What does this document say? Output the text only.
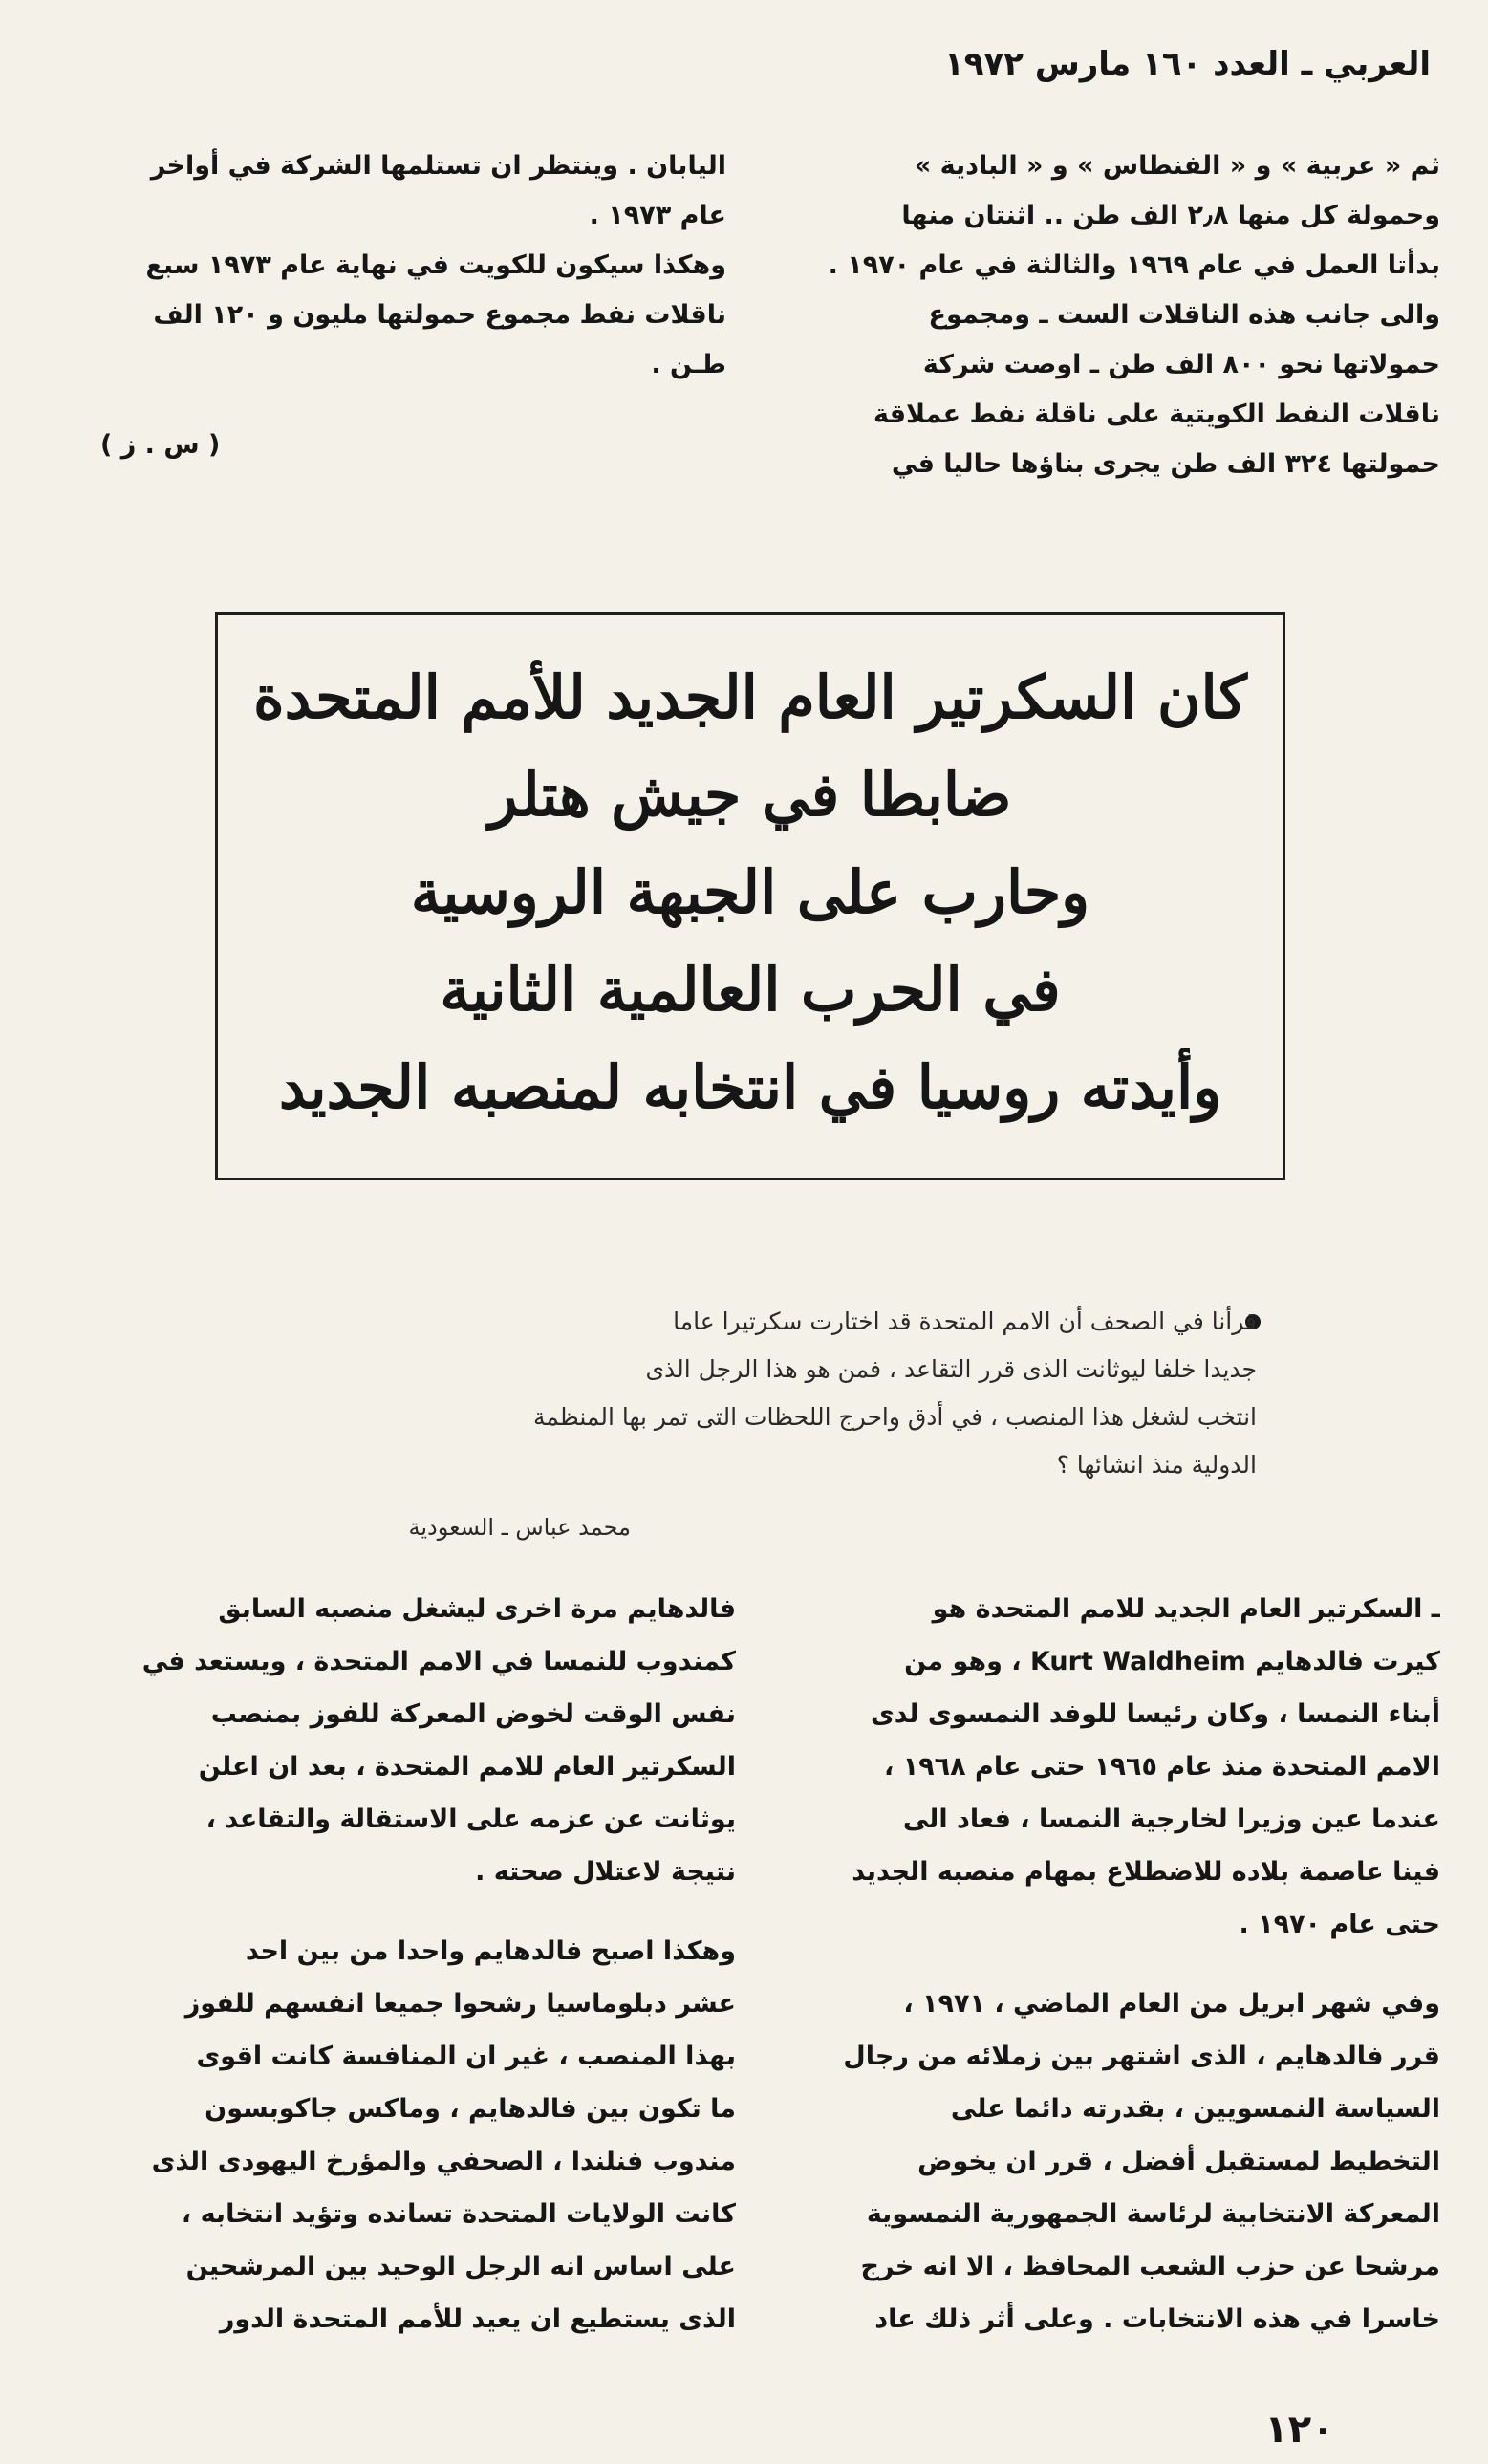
العربي ـ العدد ١٦٠ مارس ١٩٧٢
ثم « عربية » و « الفنطاس » و « البادية »
وحمولة كل منها ٢٫٨ الف طن .. اثنتان منها
بدأتا العمل في عام ١٩٦٩ والثالثة في عام ١٩٧٠ .
والى جانب هذه الناقلات الست ـ ومجموع
حمولاتها نحو ٨٠٠ الف طن ـ اوصت شركة
ناقلات النفط الكويتية على ناقلة نفط عملاقة
حمولتها ٣٢٤ الف طن يجرى بناؤها حاليا في
اليابان . وينتظر ان تستلمها الشركة في أواخر
عام ١٩٧٣ .
وهكذا سيكون للكويت في نهاية عام ١٩٧٣ سبع
ناقلات نفط مجموع حمولتها مليون و ١٢٠ الف
طـن .
( س . ز )
كان السكرتير العام الجديد للأمم المتحدة
ضابطا في جيش هتلر
وحارب على الجبهة الروسية
في الحرب العالمية الثانية
وأيدته روسيا في انتخابه لمنصبه الجديد
قرأنا في الصحف أن الامم المتحدة قد اختارت سكرتيرا عاما
جديدا خلفا ليوثانت الذى قرر التقاعد ، فمن هو هذا الرجل الذى
انتخب لشغل هذا المنصب ، في أدق واحرج اللحظات التى تمر بها المنظمة
الدولية منذ انشائها ؟
محمد عباس ـ السعودية
ـ السكرتير العام الجديد للامم المتحدة هو
كيرت فالدهايم Kurt Waldheim ، وهو من
أبناء النمسا ، وكان رئيسا للوفد النمسوى لدى
الامم المتحدة منذ عام ١٩٦٥ حتى عام ١٩٦٨ ،
عندما عين وزيرا لخارجية النمسا ، فعاد الى
فينا عاصمة بلاده للاضطلاع بمهام منصبه الجديد
حتى عام ١٩٧٠ .
وفي شهر ابريل من العام الماضي ، ١٩٧١ ،
قرر فالدهايم ، الذى اشتهر بين زملائه من رجال
السياسة النمسويين ، بقدرته دائما على
التخطيط لمستقبل أفضل ، قرر ان يخوض
المعركة الانتخابية لرئاسة الجمهورية النمسوية
مرشحا عن حزب الشعب المحافظ ، الا انه خرج
خاسرا في هذه الانتخابات . وعلى أثر ذلك عاد
فالدهايم مرة اخرى ليشغل منصبه السابق
كمندوب للنمسا في الامم المتحدة ، ويستعد في
نفس الوقت لخوض المعركة للفوز بمنصب
السكرتير العام للامم المتحدة ، بعد ان اعلن
يوثانت عن عزمه على الاستقالة والتقاعد ،
نتيجة لاعتلال صحته .
وهكذا اصبح فالدهايم واحدا من بين احد
عشر دبلوماسيا رشحوا جميعا انفسهم للفوز
بهذا المنصب ، غير ان المنافسة كانت اقوى
ما تكون بين فالدهايم ، وماكس جاكوبسون
مندوب فنلندا ، الصحفي والمؤرخ اليهودى الذى
كانت الولايات المتحدة تسانده وتؤيد انتخابه ،
على اساس انه الرجل الوحيد بين المرشحين
الذى يستطيع ان يعيد للأمم المتحدة الدور
١٢٠
